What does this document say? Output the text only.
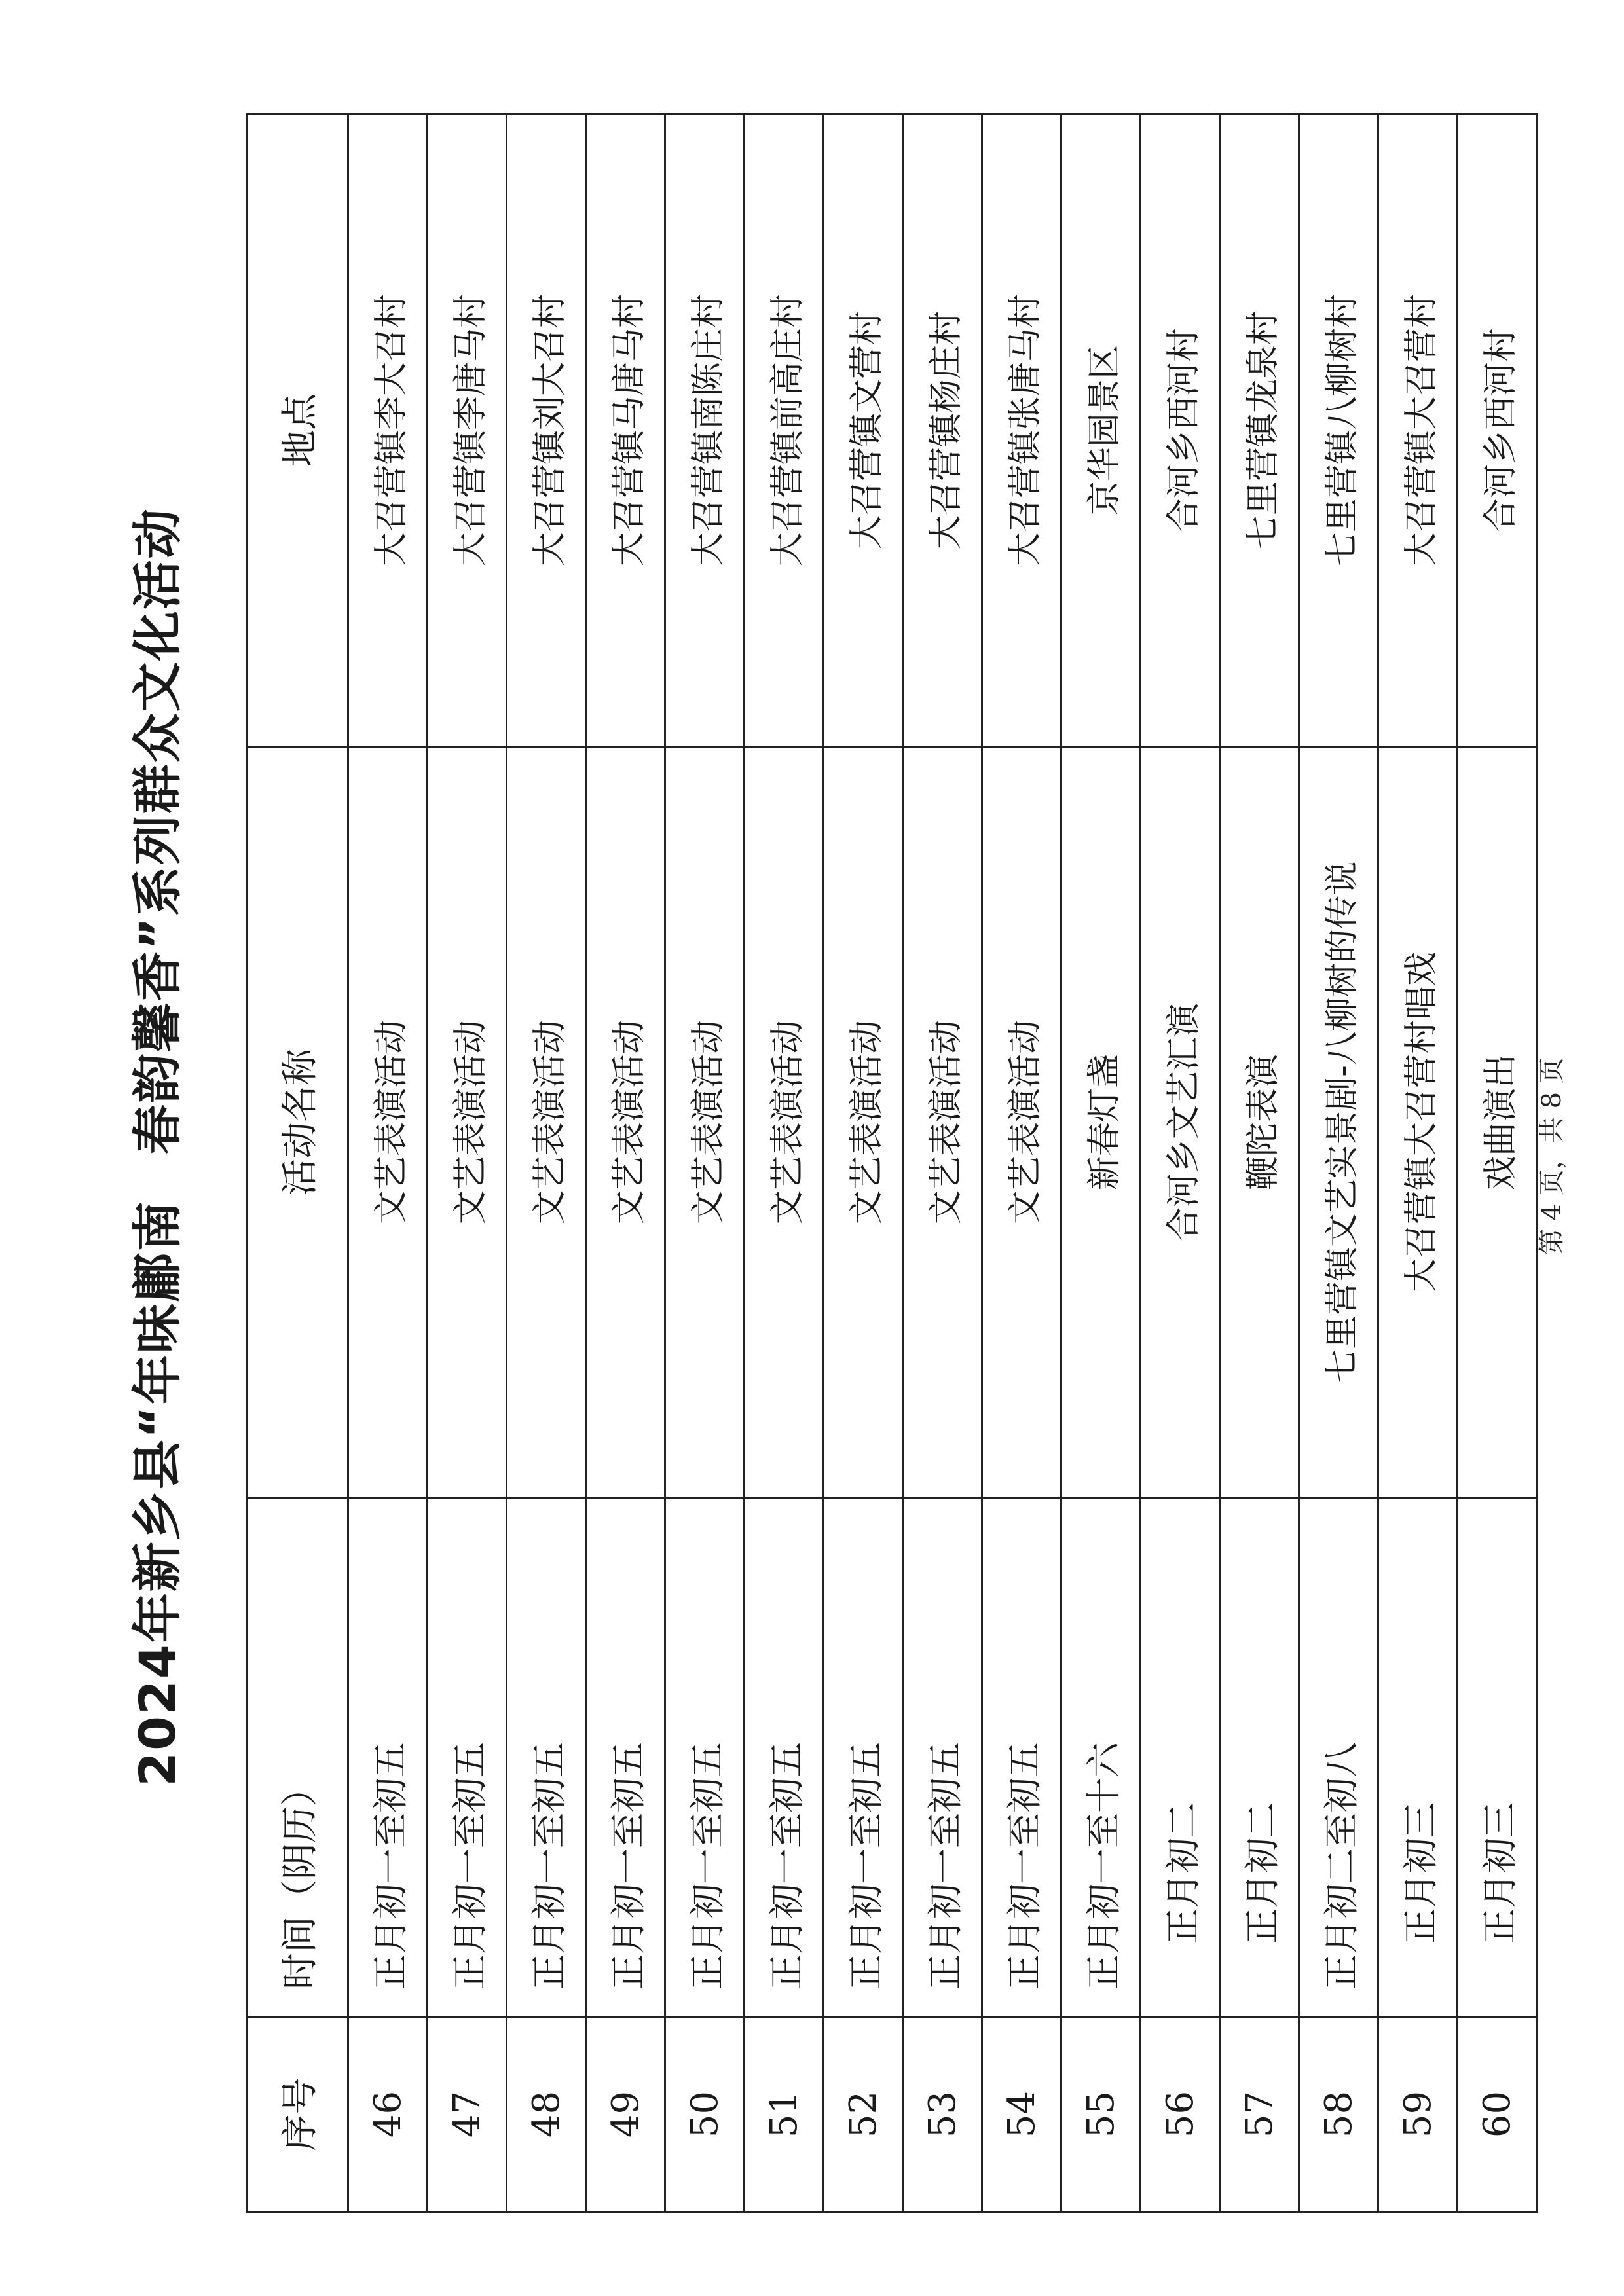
2024年新乡县“年味鄘南春韵馨香”系列群众文化活动
序号	时间（阴历）	活动名称	地点
46	正月初一至初五	文艺表演活动	大召营镇李大召村
47	正月初一至初五	文艺表演活动	大召营镇李唐马村
48	正月初一至初五	文艺表演活动	大召营镇刘大召村
49	正月初一至初五	文艺表演活动	大召营镇马唐马村
50	正月初一至初五	文艺表演活动	大召营镇南陈庄村
51	正月初一至初五	文艺表演活动	大召营镇前高庄村
52	正月初一至初五	文艺表演活动	大召营镇文营村
53	正月初一至初五	文艺表演活动	大召营镇杨庄村
54	正月初一至初五	文艺表演活动	大召营镇张唐马村
55	正月初一至十六	新春灯盏	京华园景区
56	正月初二	合河乡文艺汇演	合河乡西河村
57	正月初二	鞭陀表演	七里营镇龙泉村
58	正月初二至初八	七里营镇文艺实景剧-八柳树的传说	七里营镇八柳树村
59	正月初三	大召营镇大召营村唱戏	大召营镇大召营村
60	正月初三	戏曲演出	合河乡西河村
第 4 页，共 8 页
